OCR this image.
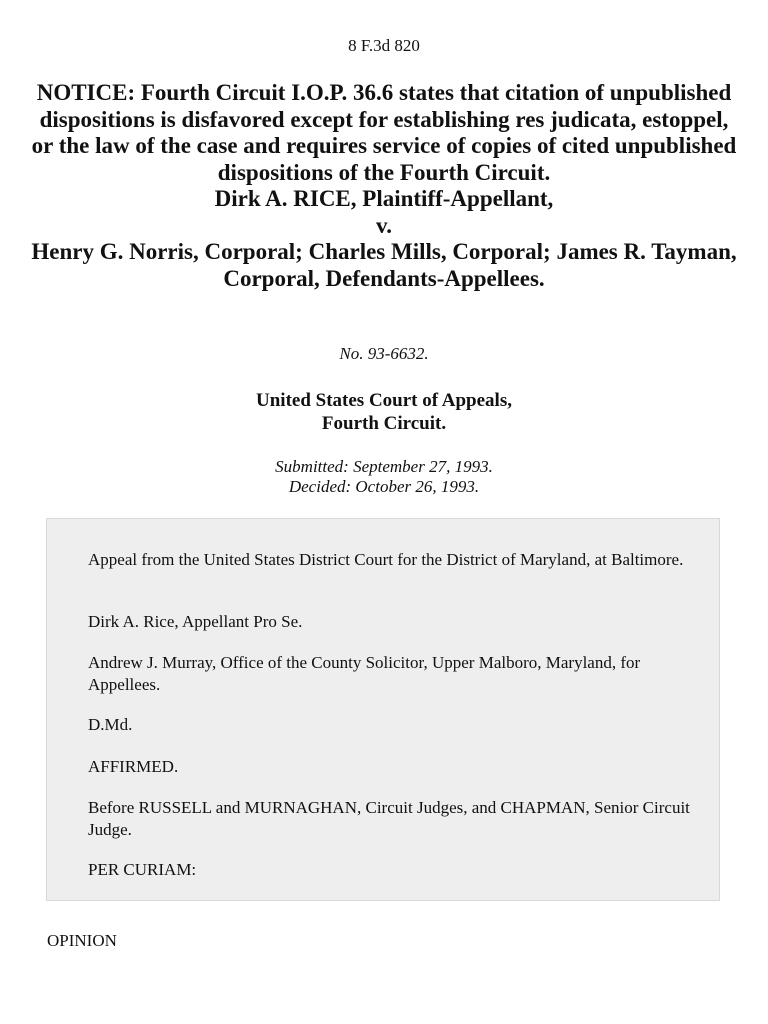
8 F.3d 820
NOTICE: Fourth Circuit I.O.P. 36.6 states that citation of unpublished dispositions is disfavored except for establishing res judicata, estoppel, or the law of the case and requires service of copies of cited unpublished dispositions of the Fourth Circuit.
Dirk A. RICE, Plaintiff-Appellant,
v.
Henry G. Norris, Corporal; Charles Mills, Corporal; James R. Tayman, Corporal, Defendants-Appellees.
No. 93-6632.
United States Court of Appeals,
Fourth Circuit.
Submitted: September 27, 1993.
Decided: October 26, 1993.
Appeal from the United States District Court for the District of Maryland, at Baltimore.
Dirk A. Rice, Appellant Pro Se.
Andrew J. Murray, Office of the County Solicitor, Upper Malboro, Maryland, for Appellees.
D.Md.
AFFIRMED.
Before RUSSELL and MURNAGHAN, Circuit Judges, and CHAPMAN, Senior Circuit Judge.
PER CURIAM:
OPINION
